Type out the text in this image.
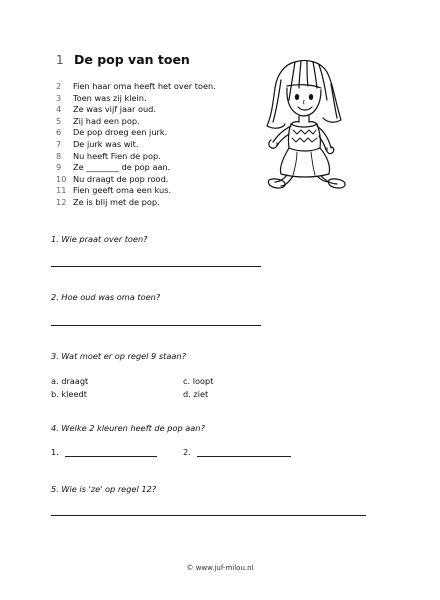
1 De pop van toen
2	Fien haar oma heeft het over toen.
3	Toen was zij klein.
4	Ze was vijf jaar oud.
5	Zij had een pop.
6	De pop droeg een jurk.
7	De jurk was wit.
8	Nu heeft Fien de pop.
9	Ze ________ de pop aan.
10 Nu draagt de pop rood.
11 Fien geeft oma een kus.
12 Ze is blij met de pop.
1. Wie praat over toen?
2. Hoe oud was oma toen?
3. Wat moet er op regel 9 staan?
a. draagt	c. loopt
b. kleedt	d. ziet
4. Welke 2 kleuren heeft de pop aan?
1.	2.
5. Wie is 'ze' op regel 12?
© www.juf-milou.nl
